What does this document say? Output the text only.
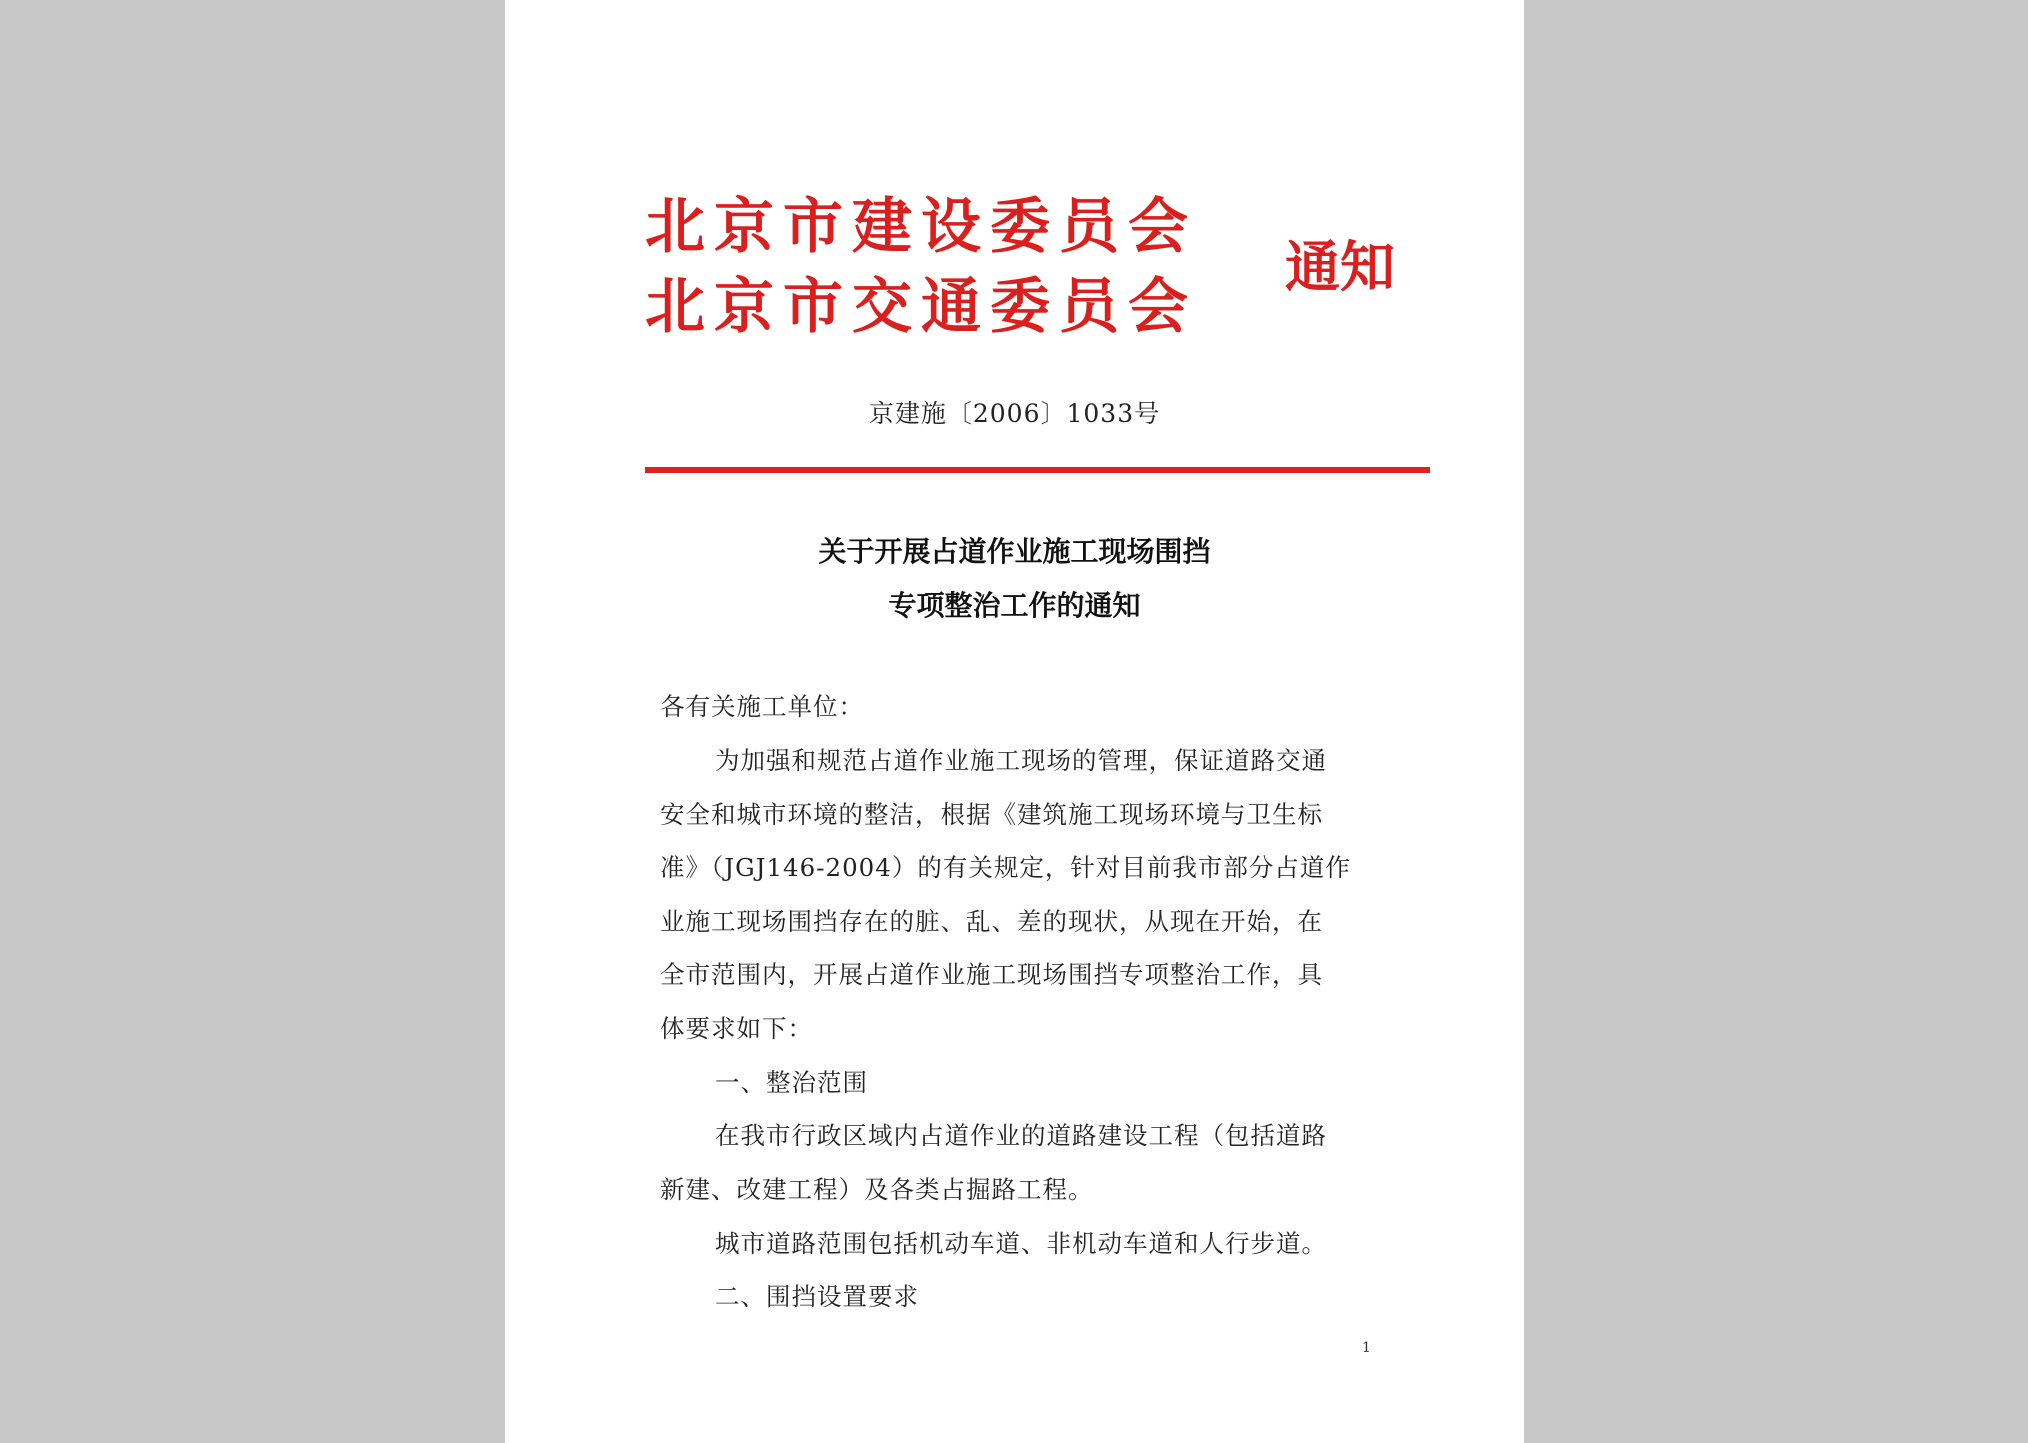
北京市建设委员会
北京市交通委员会
通知
京建施〔2006〕1033号
关于开展占道作业施工现场围挡
专项整治工作的通知
各有关施工单位：
为加强和规范占道作业施工现场的管理，保证道路交通
安全和城市环境的整洁，根据《建筑施工现场环境与卫生标
准》（JGJ146-2004）的有关规定，针对目前我市部分占道作
业施工现场围挡存在的脏、乱、差的现状，从现在开始，在
全市范围内，开展占道作业施工现场围挡专项整治工作，具
体要求如下：
一、整治范围
在我市行政区域内占道作业的道路建设工程（包括道路
新建、改建工程）及各类占掘路工程。
城市道路范围包括机动车道、非机动车道和人行步道。
二、围挡设置要求
1
